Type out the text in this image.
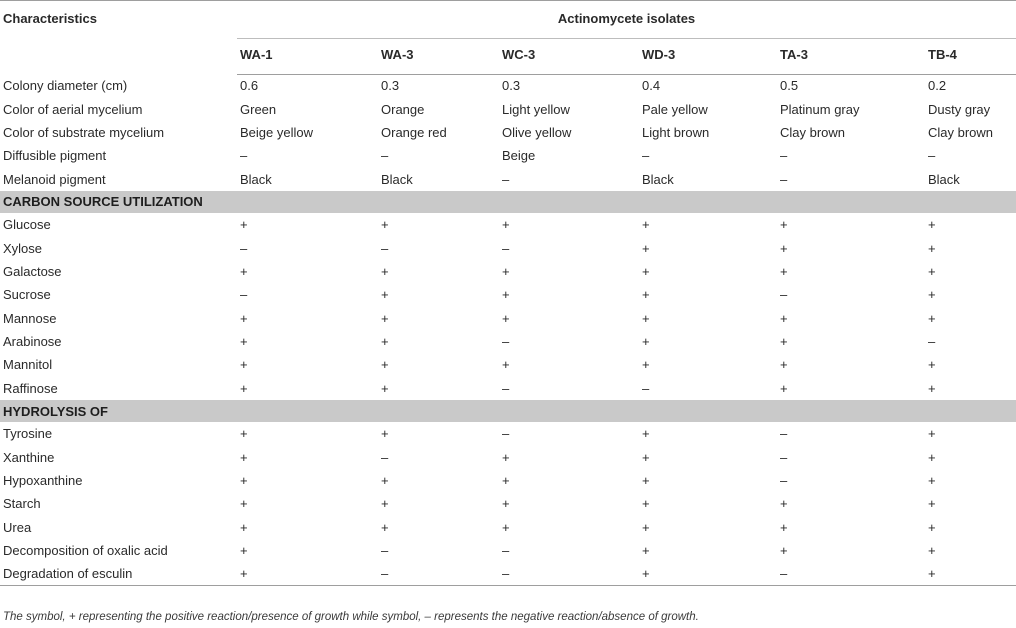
Characteristics	Actinomycete isolates					
	WA-1	WA-3	WC-3	WD-3	TA-3	TB-4
Colony diameter (cm)	0.6	0.3	0.3	0.4	0.5	0.2
Color of aerial mycelium	Green	Orange	Light yellow	Pale yellow	Platinum gray	Dusty gray
Color of substrate mycelium	Beige yellow	Orange red	Olive yellow	Light brown	Clay brown	Clay brown
Diffusible pigment	–	–	Beige	–	–	–
Melanoid pigment	Black	Black	–	Black	–	Black
CARBON SOURCE UTILIZATION						
Glucose	+	+	+	+	+	+
Xylose	–	–	–	+	+	+
Galactose	+	+	+	+	+	+
Sucrose	–	+	+	+	–	+
Mannose	+	+	+	+	+	+
Arabinose	+	+	–	+	+	–
Mannitol	+	+	+	+	+	+
Raffinose	+	+	–	–	+	+
HYDROLYSIS OF						
Tyrosine	+	+	–	+	–	+
Xanthine	+	–	+	+	–	+
Hypoxanthine	+	+	+	+	–	+
Starch	+	+	+	+	+	+
Urea	+	+	+	+	+	+
Decomposition of oxalic acid	+	–	–	+	+	+
Degradation of esculin	+	–	–	+	–	+
The symbol, + representing the positive reaction/presence of growth while symbol, – represents the negative reaction/absence of growth.
